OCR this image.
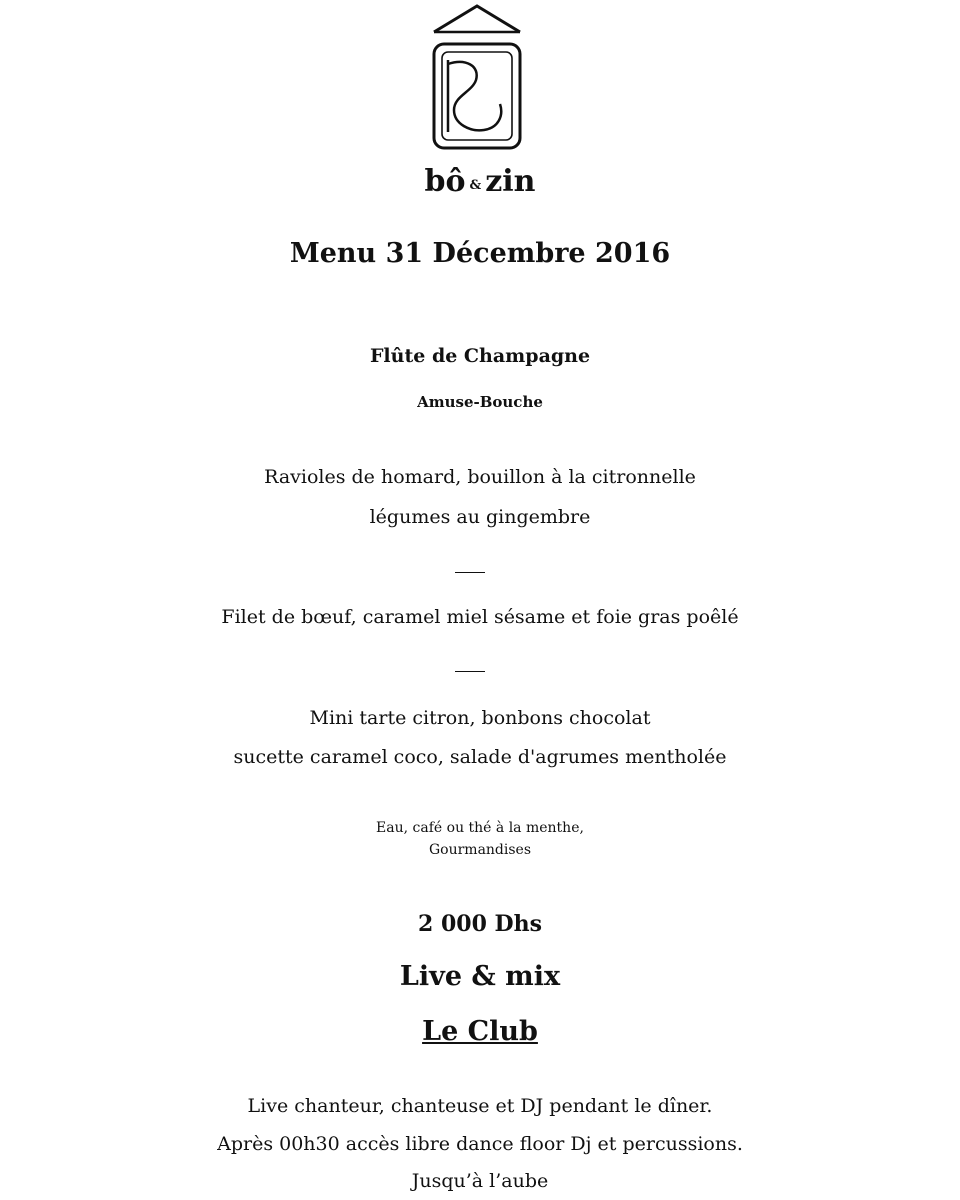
bô & zin
Menu 31 Décembre 2016
Flûte de Champagne
Amuse-Bouche
Ravioles de homard, bouillon à la citronnelle
légumes au gingembre
Filet de bœuf, caramel miel sésame et foie gras poêlé
Mini tarte citron, bonbons chocolat
sucette caramel coco, salade d'agrumes mentholée
Eau, café ou thé à la menthe,
Gourmandises
2 000 Dhs
Live & mix
Le Club
Live chanteur, chanteuse et DJ pendant le dîner.
Après 00h30 accès libre dance floor Dj et percussions.
Jusqu’à l’aube
